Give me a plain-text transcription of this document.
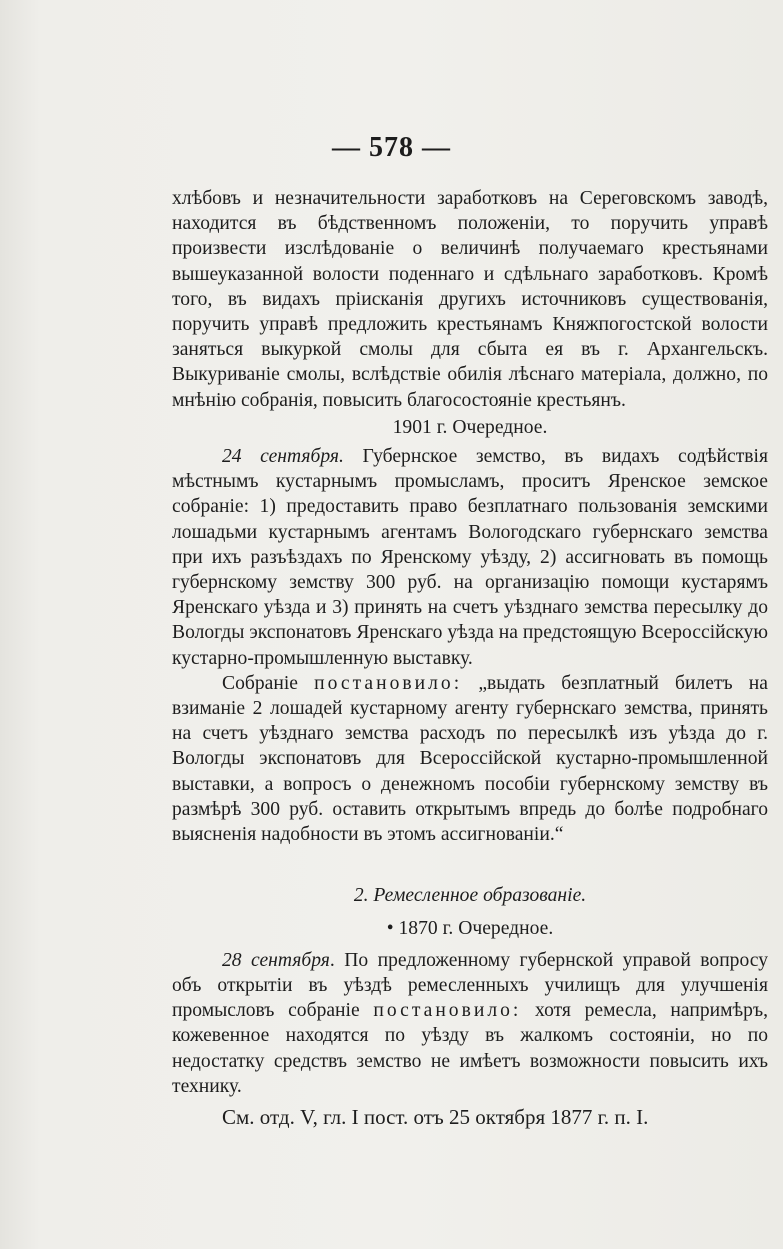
— 578 —

хлѣбовъ и незначительности заработковъ на Сереговскомъ заводѣ, находится въ бѣдственномъ положеніи, то поручить управѣ произвести изслѣдованіе о величинѣ получаемаго крестьянами вышеуказанной волости поденнаго и сдѣльнаго заработковъ. Кромѣ того, въ видахъ прiисканія другихъ источниковъ существованія, поручить управѣ предложить крестьянамъ Княжпогостской волости заняться выкуркой смолы для сбыта ея въ г. Архангельскъ. Выкуриваніе смолы, вслѣдствіе обилія лѣснаго матеріала, должно, по мнѣнію собранія, повысить благосостояніе крестьянъ.

1901 г. Очередное.

24 сентября. Губернское земство, въ видахъ содѣйствія мѣстнымъ кустарнымъ промысламъ, проситъ Яренское земское собраніе: 1) предоставить право безплатнаго пользованія земскими лошадьми кустарнымъ агентамъ Вологодскаго губернскаго земства при ихъ разъѣздахъ по Яренскому уѣзду, 2) ассигновать въ помощь губернскому земству 300 руб. на организацію помощи кустарямъ Яренскаго уѣзда и 3) принять на счетъ уѣзднаго земства пересылку до Вологды экспонатовъ Яренскаго уѣзда на предстоящую Всероссійскую кустарно-промышленную выставку.

Собраніе постановило: „выдать безплатный билетъ на взиманіе 2 лошадей кустарному агенту губернскаго земства, принять на счетъ уѣзднаго земства расходъ по пересылкѣ изъ уѣзда до г. Вологды экспонатовъ для Всероссійской кустарно-промышленной выставки, а вопросъ о денежномъ пособіи губернскому земству въ размѣрѣ 300 руб. оставить открытымъ впредь до болѣе подробнаго выясненія надобности въ этомъ ассигнованіи.“

2. Ремесленное образованіе.

• 1870 г. Очередное.

28 сентября. По предложенному губернской управой вопросу объ открытіи въ уѣздѣ ремесленныхъ училищъ для улучшенія промысловъ собраніе постановило: хотя ремесла, напримѣръ, кожевенное находятся по уѣзду въ жалкомъ состояніи, но по недостатку средствъ земство не имѣетъ возможности повысить ихъ технику.

См. отд. V, гл. I пост. отъ 25 октября 1877 г. п. I.
